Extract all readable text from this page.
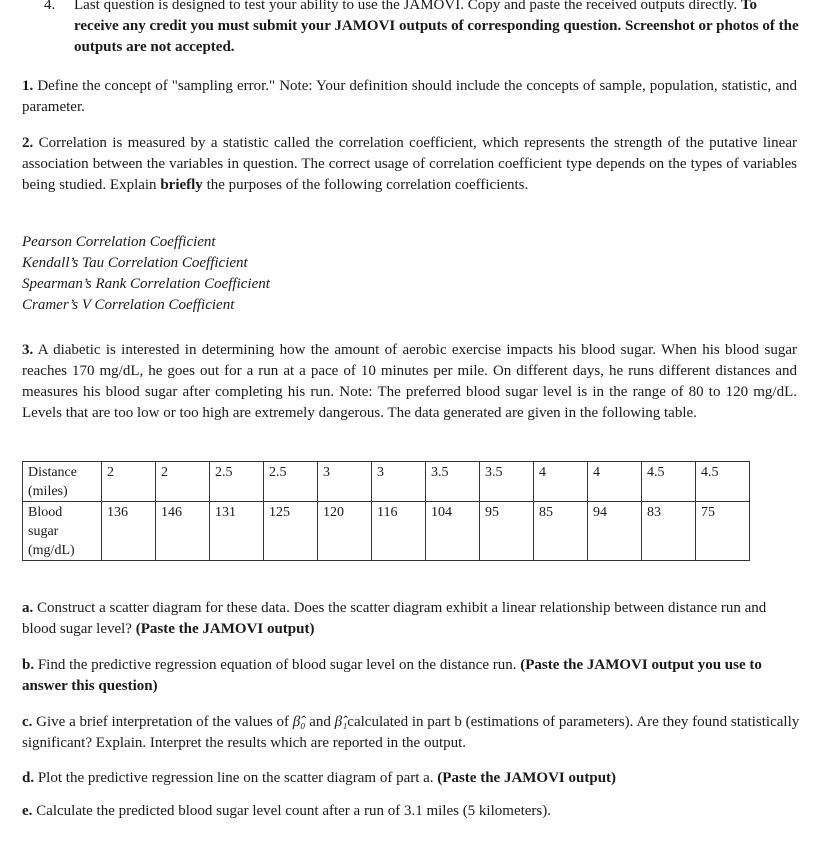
4. Last question is designed to test your ability to use the JAMOVI. Copy and paste the received outputs directly. To receive any credit you must submit your JAMOVI outputs of corresponding question. Screenshot or photos of the outputs are not accepted.
1. Define the concept of "sampling error." Note: Your definition should include the concepts of sample, population, statistic, and parameter.
2. Correlation is measured by a statistic called the correlation coefficient, which represents the strength of the putative linear association between the variables in question. The correct usage of correlation coefficient type depends on the types of variables being studied. Explain briefly the purposes of the following correlation coefficients.
Pearson Correlation Coefficient
Kendall’s Tau Correlation Coefficient
Spearman’s Rank Correlation Coefficient
Cramer’s V Correlation Coefficient
3. A diabetic is interested in determining how the amount of aerobic exercise impacts his blood sugar. When his blood sugar reaches 170 mg/dL, he goes out for a run at a pace of 10 minutes per mile. On different days, he runs different distances and measures his blood sugar after completing his run. Note: The preferred blood sugar level is in the range of 80 to 120 mg/dL. Levels that are too low or too high are extremely dangerous. The data generated are given in the following table.
Distance
(miles)	2	2	2.5	2.5	3	3	3.5	3.5	4	4	4.5	4.5
Blood
sugar
(mg/dL)	136	146	131	125	120	116	104	95	85	94	83	75
a. Construct a scatter diagram for these data. Does the scatter diagram exhibit a linear relationship between distance run and blood sugar level? (Paste the JAMOVI output)
b. Find the predictive regression equation of blood sugar level on the distance run. (Paste the JAMOVI output you use to answer this question)
c. Give a brief interpretation of the values of β̂₀ and β̂₁calculated in part b (estimations of parameters). Are they found statistically significant? Explain. Interpret the results which are reported in the output.
d. Plot the predictive regression line on the scatter diagram of part a. (Paste the JAMOVI output)
e. Calculate the predicted blood sugar level count after a run of 3.1 miles (5 kilometers).
